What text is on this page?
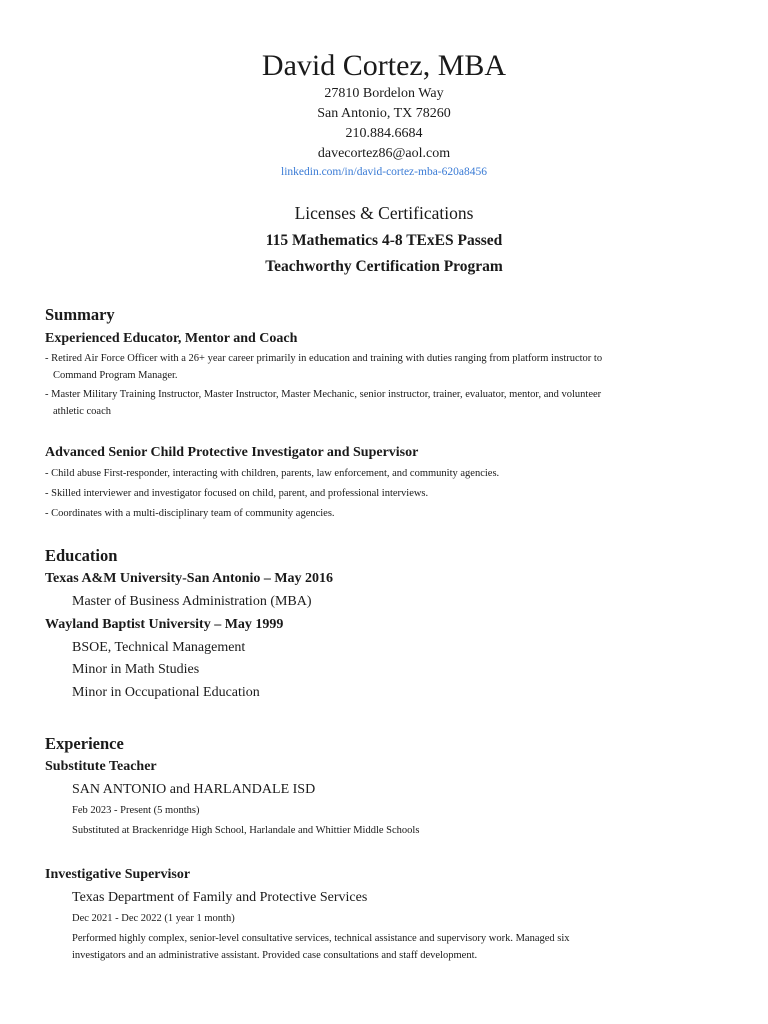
David Cortez, MBA
27810 Bordelon Way
San Antonio, TX 78260
210.884.6684
davecortez86@aol.com
linkedin.com/in/david-cortez-mba-620a8456
Licenses & Certifications
115 Mathematics 4-8 TExES Passed
Teachworthy Certification Program
Summary
Experienced Educator, Mentor and Coach
- Retired Air Force Officer with a 26+ year career primarily in education and training with duties ranging from platform instructor to
Command Program Manager.
- Master Military Training Instructor, Master Instructor, Master Mechanic, senior instructor, trainer, evaluator, mentor, and volunteer
athletic coach
Advanced Senior Child Protective Investigator and Supervisor
- Child abuse First-responder, interacting with children, parents, law enforcement, and community agencies.
- Skilled interviewer and investigator focused on child, parent, and professional interviews.
- Coordinates with a multi-disciplinary team of community agencies.
Education
Texas A&M University-San Antonio – May 2016
Master of Business Administration (MBA)
Wayland Baptist University – May 1999
BSOE, Technical Management
Minor in Math Studies
Minor in Occupational Education
Experience
Substitute Teacher
SAN ANTONIO and HARLANDALE ISD
Feb 2023 - Present (5 months)
Substituted at Brackenridge High School, Harlandale and Whittier Middle Schools
Investigative Supervisor
Texas Department of Family and Protective Services
Dec 2021 - Dec 2022 (1 year 1 month)
Performed highly complex, senior-level consultative services, technical assistance and supervisory work. Managed six
investigators and an administrative assistant. Provided case consultations and staff development.
